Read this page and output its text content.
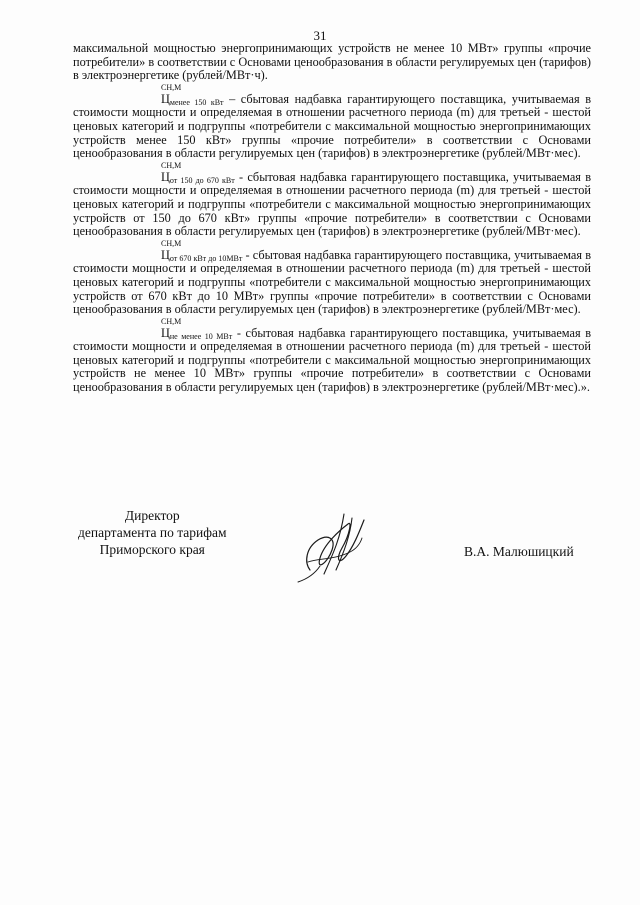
31

максимальной мощностью энергопринимающих устройств не менее 10 МВт» группы «прочие потребители» в соответствии с Основами ценообразования в области регулируемых цен (тарифов) в электроэнергетике (рублей/МВт·ч).

Ц
СН,М
менее 150 кВт – сбытовая надбавка гарантирующего поставщика, учитываемая в стоимости мощности и определяемая в отношении расчетного периода (m) для третьей - шестой ценовых категорий и подгруппы «потребители с максимальной мощностью энергопринимающих устройств менее 150 кВт» группы «прочие потребители» в соответствии с Основами ценообразования в области регулируемых цен (тарифов) в электроэнергетике (рублей/МВт·мес).

Ц
СН,М
от 150 до 670 кВт - сбытовая надбавка гарантирующего поставщика, учитываемая в стоимости мощности и определяемая в отношении расчетного периода (m) для третьей - шестой ценовых категорий и подгруппы «потребители с максимальной мощностью энергопринимающих устройств от 150 до 670 кВт» группы «прочие потребители» в соответствии с Основами ценообразования в области регулируемых цен (тарифов) в электроэнергетике (рублей/МВт·мес).

Ц
СН,М
от 670 кВт до 10МВт - сбытовая надбавка гарантирующего поставщика, учитываемая в стоимости мощности и определяемая в отношении расчетного периода (m) для третьей - шестой ценовых категорий и подгруппы «потребители с максимальной мощностью энергопринимающих устройств от 670 кВт до 10 МВт» группы «прочие потребители» в соответствии с Основами ценообразования в области регулируемых цен (тарифов) в электроэнергетике (рублей/МВт·мес).

Ц
СН,М
не менее 10 МВт - сбытовая надбавка гарантирующего поставщика, учитываемая в стоимости мощности и определяемая в отношении расчетного периода (m) для третьей - шестой ценовых категорий и подгруппы «потребители с максимальной мощностью энергопринимающих устройств не менее 10 МВт» группы «прочие потребители» в соответствии с Основами ценообразования в области регулируемых цен (тарифов) в электроэнергетике (рублей/МВт·мес).».

Директор
департамента по тарифам
Приморского края	В.А. Малюшицкий
